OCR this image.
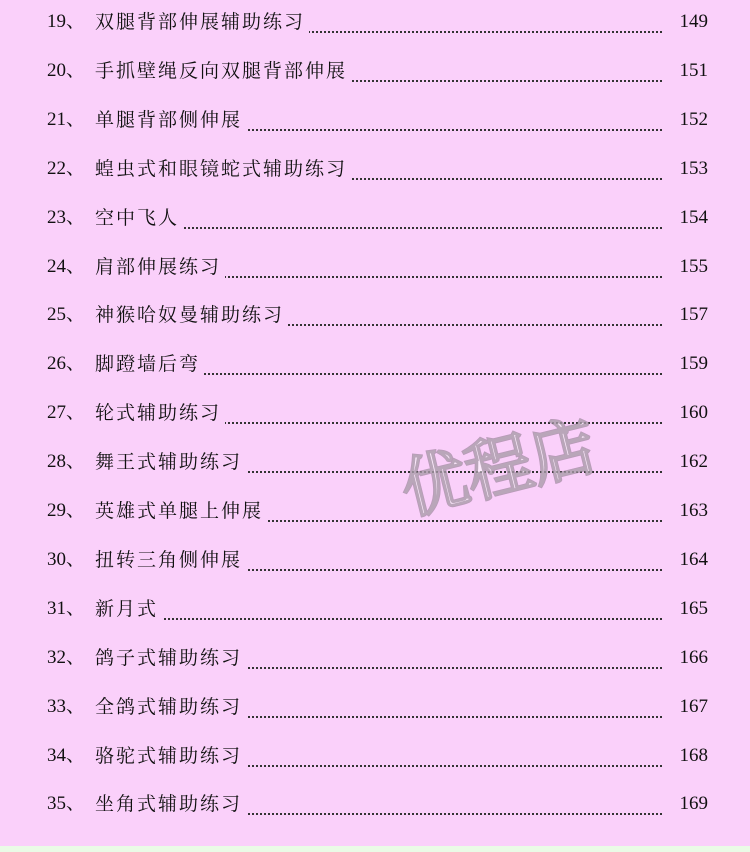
19、 双腿背部伸展辅助练习	149
20、 手抓壁绳反向双腿背部伸展	151
21、 单腿背部侧伸展	152
22、 蝗虫式和眼镜蛇式辅助练习	153
23、 空中飞人	154
24、 肩部伸展练习	155
25、 神猴哈奴曼辅助练习	157
26、 脚蹬墙后弯	159
27、 轮式辅助练习	160
28、 舞王式辅助练习	162
29、 英雄式单腿上伸展	163
30、 扭转三角侧伸展	164
31、 新月式	165
32、 鸽子式辅助练习	166
33、 全鸽式辅助练习	167
34、 骆驼式辅助练习	168
35、 坐角式辅助练习	169
优程店
